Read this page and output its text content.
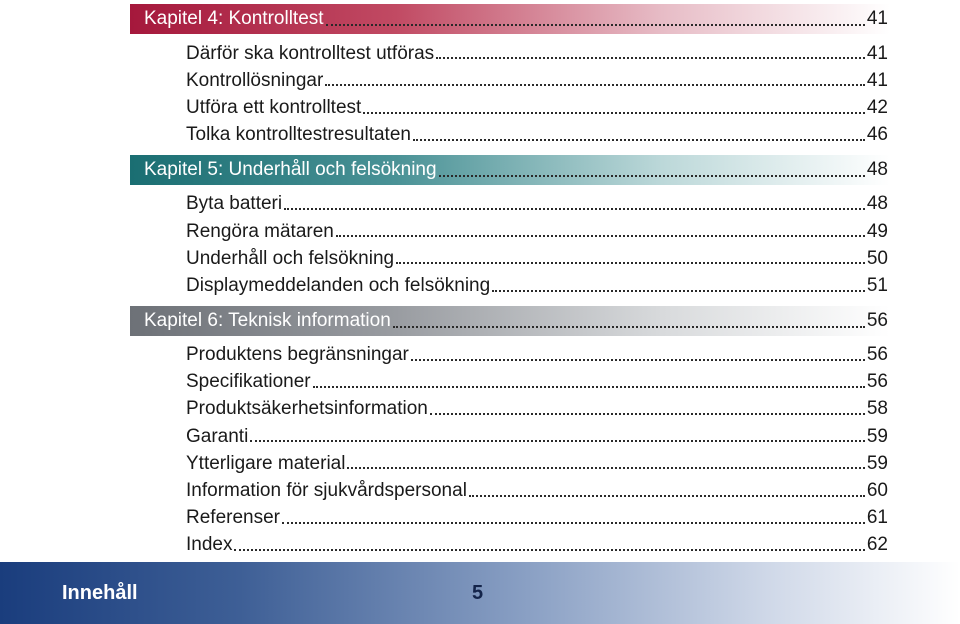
Kapitel 4: Kontrolltest	41
Därför ska kontrolltest utföras	41
Kontrollösningar	41
Utföra ett kontrolltest	42
Tolka kontrolltestresultaten	46
Kapitel 5: Underhåll och felsökning	48
Byta batteri	48
Rengöra mätaren	49
Underhåll och felsökning	50
Displaymeddelanden och felsökning	51
Kapitel 6: Teknisk information	56
Produktens begränsningar	56
Specifikationer	56
Produktsäkerhetsinformation	58
Garanti	59
Ytterligare material	59
Information för sjukvårdspersonal	60
Referenser	61
Index	62
Innehåll	5
